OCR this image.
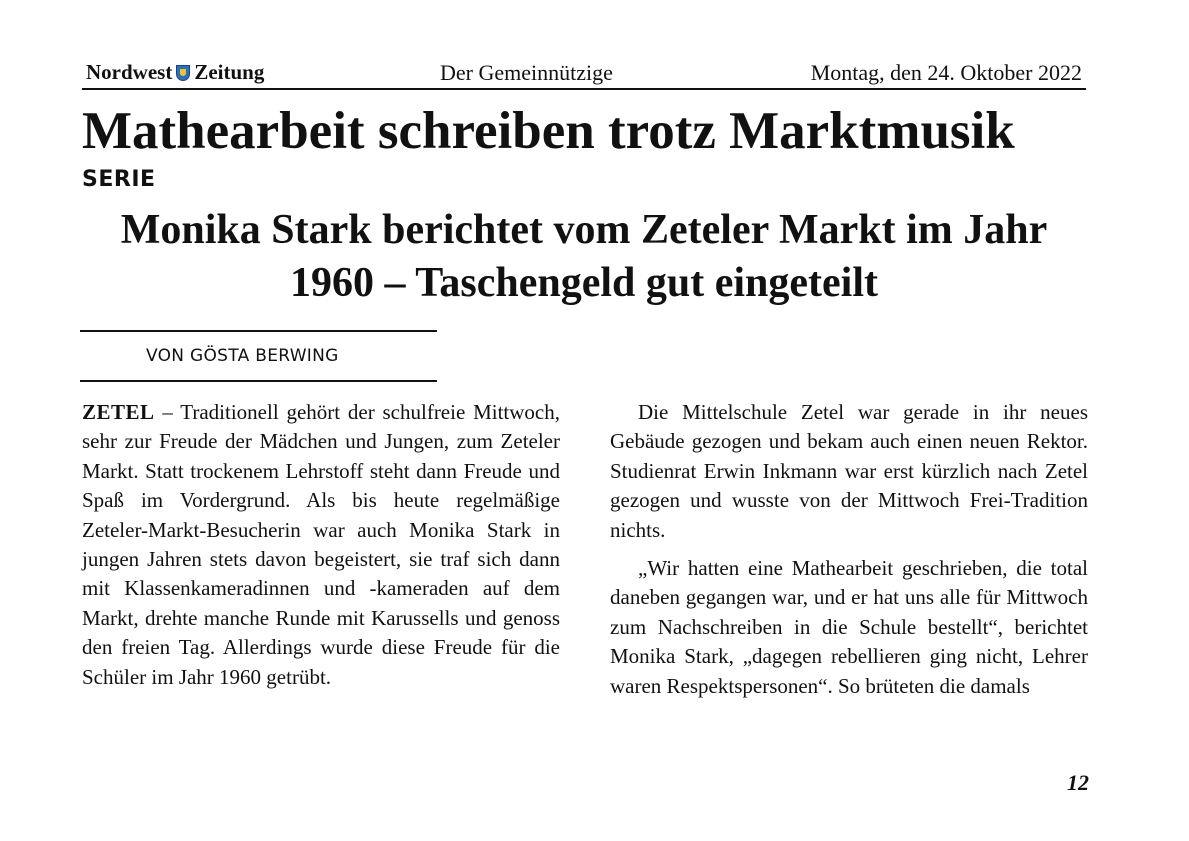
Nordwest Zeitung	Der Gemeinnützige	Montag, den 24. Oktober 2022
Mathearbeit schreiben trotz Marktmusik
SERIE
Monika Stark berichtet vom Zeteler Markt im Jahr 1960 – Taschengeld gut eingeteilt
VON GÖSTA BERWING

ZETEL – Traditionell gehört der schulfreie Mittwoch, sehr zur Freude der Mädchen und Jungen, zum Zeteler Markt. Statt trockenem Lehrstoff steht dann Freude und Spaß im Vordergrund. Als bis heute regelmäßige Zeteler-Markt-Besucherin war auch Monika Stark in jungen Jahren stets davon begeistert, sie traf sich dann mit Klassenkameradinnen und -kameraden auf dem Markt, drehte manche Runde mit Karussells und genoss den freien Tag. Allerdings wurde diese Freude für die Schüler im Jahr 1960 getrübt.

Die Mittelschule Zetel war gerade in ihr neues Gebäude gezogen und bekam auch einen neuen Rektor. Studienrat Erwin Inkmann war erst kürzlich nach Zetel gezogen und wusste von der Mittwoch Frei-Tradition nichts.

„Wir hatten eine Mathearbeit geschrieben, die total daneben gegangen war, und er hat uns alle für Mittwoch zum Nachschreiben in die Schule bestellt“, berichtet Monika Stark, „dagegen rebellieren ging nicht, Lehrer waren Respektspersonen“. So brüteten die damals

12
